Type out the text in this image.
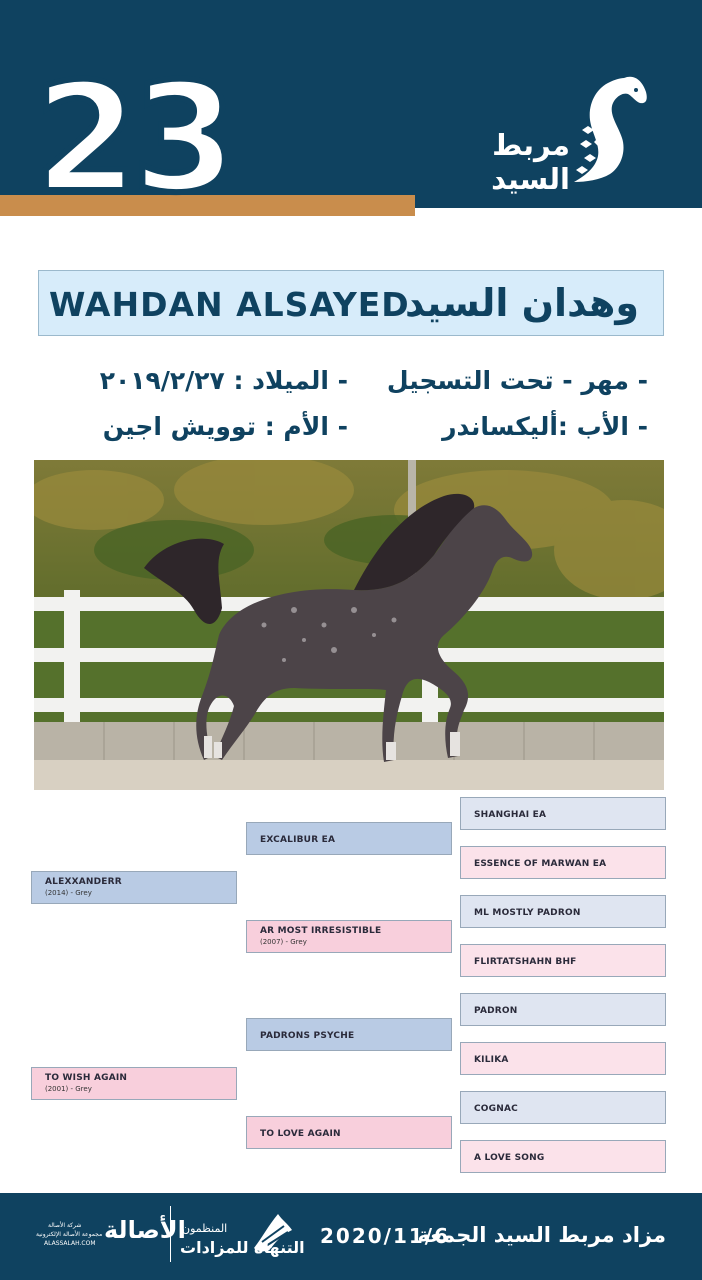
23	مربط السيد
WAHDAN ALSAYED
وهدان السيد
- مهر - تحت التسجيل
- الميلاد : ٢٠١٩/٢/٢٧
- الأب :أليكساندر
- الأم : توويش اجين
ALEXXANDERR
(2014) - Grey
TO WISH AGAIN
(2001) - Grey
EXCALIBUR EA
AR MOST IRRESISTIBLE
(2007) - Grey
PADRONS PSYCHE
TO LOVE AGAIN
SHANGHAI EA
ESSENCE OF MARWAN EA
ML MOSTLY PADRON
FLIRTATSHAHN BHF
PADRON
KILIKA
COGNAC
A LOVE SONG
مزاد مربط السيد الجمعة
2020/11/6
المنظمون
التنهاة للمزادات
الأصالة
شركة الأصالة
مجموعة الأصالة الإلكترونية
ALASSALAH.COM
